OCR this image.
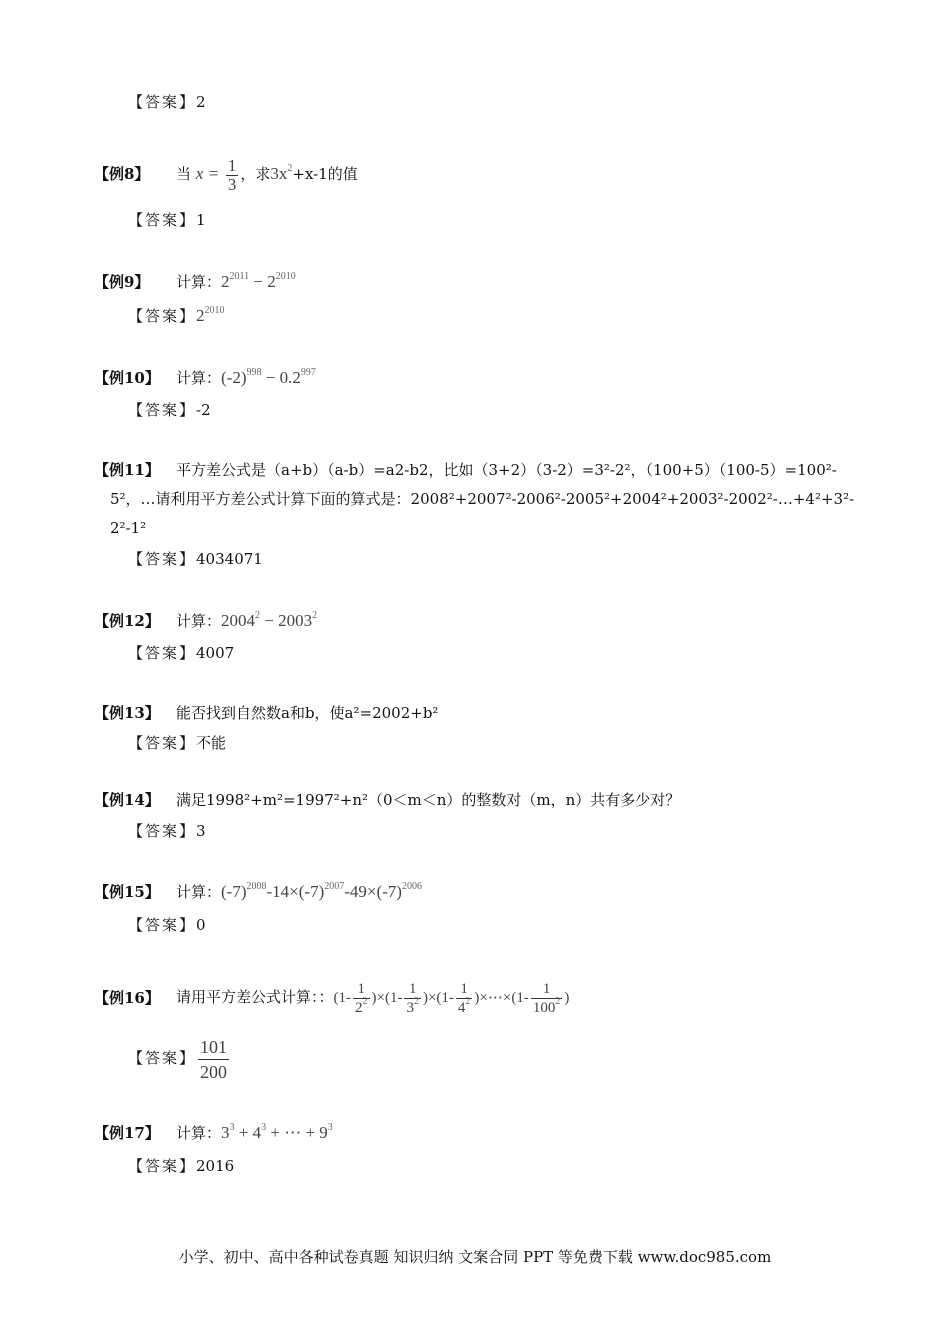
【答案】2
【例8】 当 $x = \frac{1}{3}$ ，求$3x^2+x-1$的值
【答案】1
【例9】 计算：$2^{2011} - 2^{2010}$
【答案】$2^{2010}$
【例10】 计算：$(-2)^{998} - 0.2^{997}$
【答案】-2
【例11】 平方差公式是（a+b）（a-b）=a2-b2，比如（3+2）（3-2）=3²-2²，（100+5）（100-5）=100²-
5²，…请利用平方差公式计算下面的算式是：2008²+2007²-2006²-2005²+2004²+2003²-2002²-…+4²+3²-
2²-1²
【答案】4034071
【例12】 计算：$2004^2 - 2003^2$
【答案】4007
【例13】 能否找到自然数a和b，使a²=2002+b²
【答案】不能
【例14】 满足1998²+m²=1997²+n²（0＜m＜n）的整数对（m，n）共有多少对？
【答案】3
【例15】 计算：$(-7)^{2008}-14\times(-7)^{2007}-49\times(-7)^{2006}$
【答案】0
【例16】 请用平方差公式计算：：$(1- \frac{1}{2^2} )\times(1- \frac{1}{3^2} )\times(1- \frac{1}{4^2}$ )×⋯×(1- $\frac{1}{100^2}$ )
【答案】 $\frac{101}{200}$
【例17】 计算：$3^3 + 4^3$ + ⋯ + $9^3$
【答案】2016
小学、初中、高中各种试卷真题 知识归纳 文案合同 PPT 等免费下载 www.doc985.com
